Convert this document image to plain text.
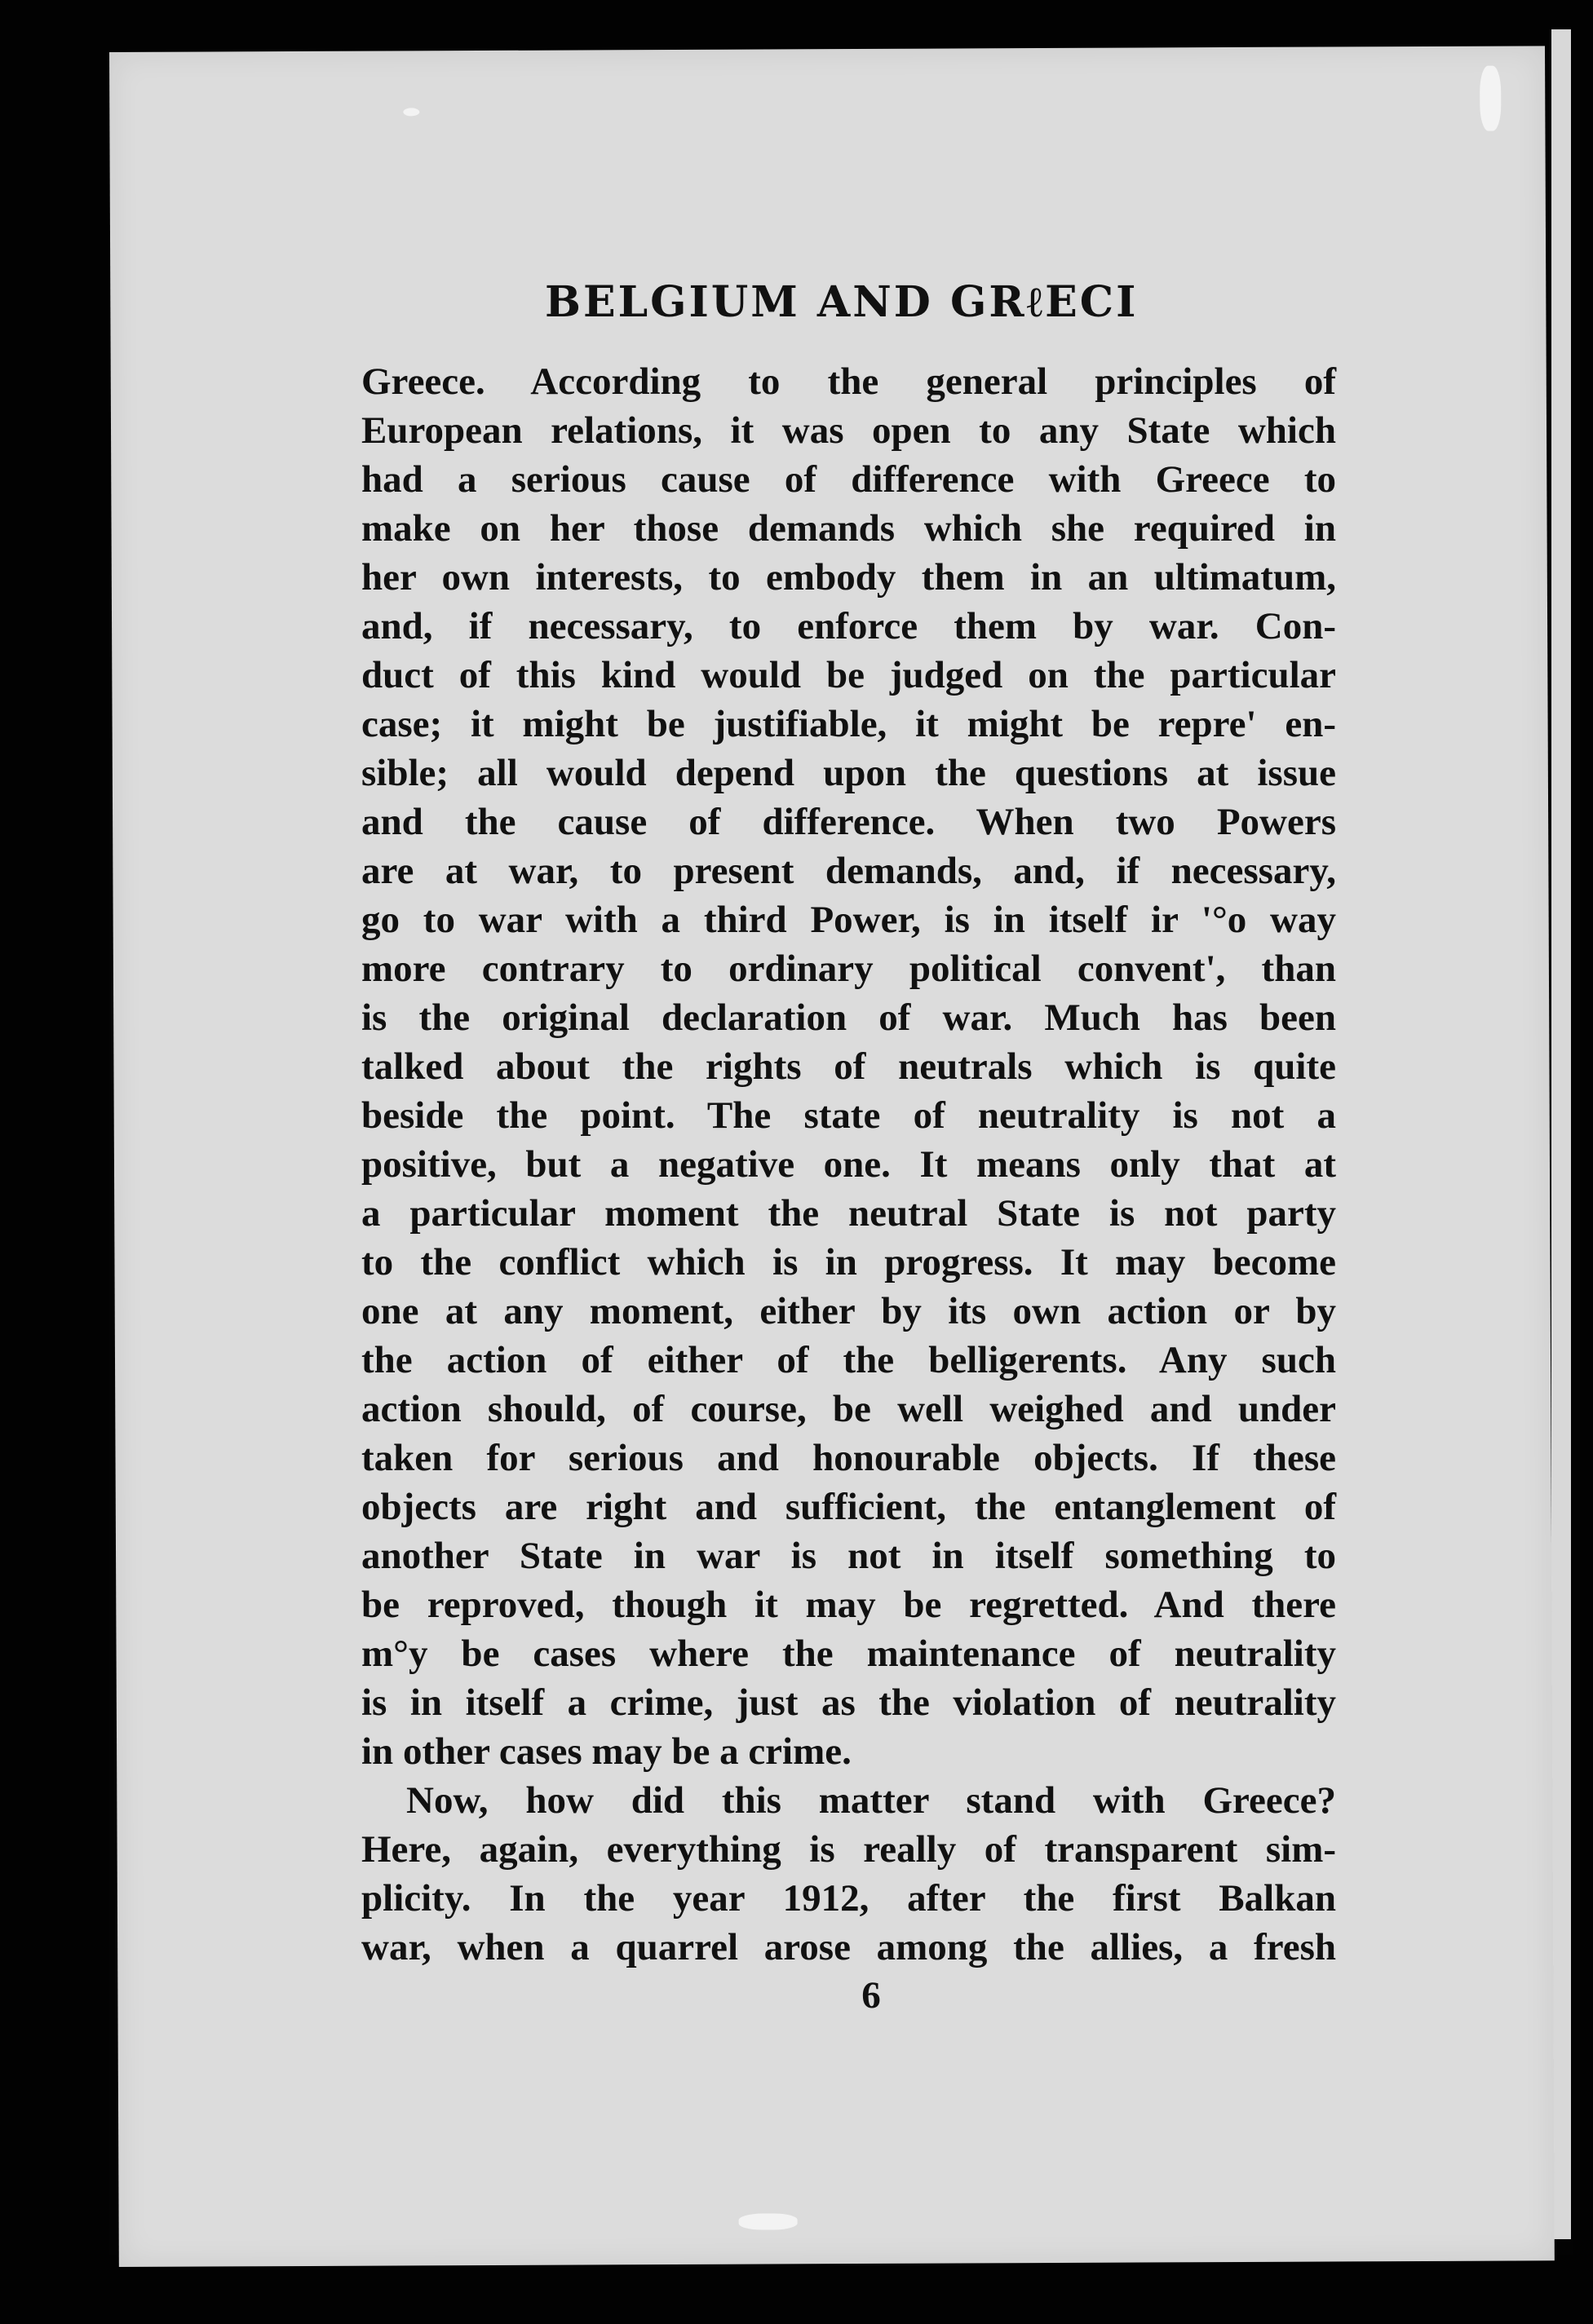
BELGIUM AND GRℓECI
Greece. According to the general principles of
European relations, it was open to any State which
had a serious cause of difference with Greece to
make on her those demands which she required in
her own interests, to embody them in an ultimatum,
and, if necessary, to enforce them by war. Con-
duct of this kind would be judged on the particular
case; it might be justifiable, it might be repre' en-
sible; all would depend upon the questions at issue
and the cause of difference. When two Powers
are at war, to present demands, and, if necessary,
go to war with a third Power, is in itself ir '°o way
more contrary to ordinary political convent', than
is the original declaration of war. Much has been
talked about the rights of neutrals which is quite
beside the point. The state of neutrality is not a
positive, but a negative one. It means only that at
a particular moment the neutral State is not party
to the conflict which is in progress. It may become
one at any moment, either by its own action or by
the action of either of the belligerents. Any such
action should, of course, be well weighed and under
taken for serious and honourable objects. If these
objects are right and sufficient, the entanglement of
another State in war is not in itself something to
be reproved, though it may be regretted. And there
m°y be cases where the maintenance of neutrality
is in itself a crime, just as the violation of neutrality
in other cases may be a crime.
Now, how did this matter stand with Greece?
Here, again, everything is really of transparent sim-
plicity. In the year 1912, after the first Balkan
war, when a quarrel arose among the allies, a fresh
6
